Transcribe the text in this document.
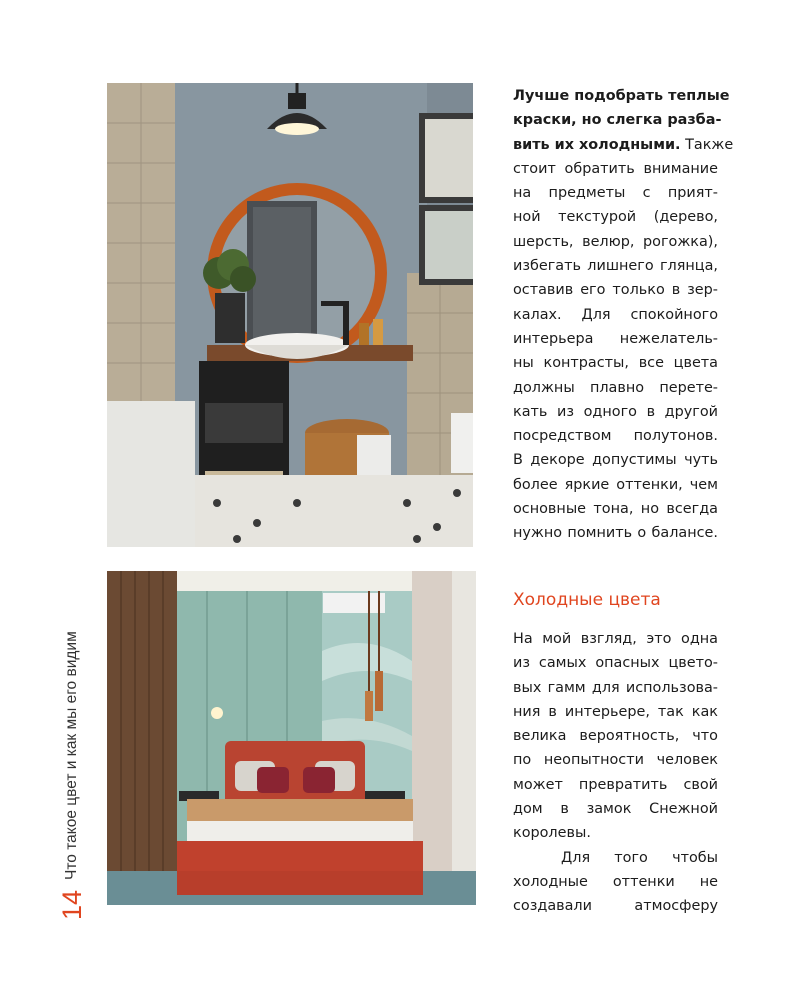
14
Что такое цвет и как мы его видим
Лучше подобрать теплые
краски, но слегка разба-
вить их холодными. Также
стоит обратить внимание
на предметы с прият-
ной текстурой (дерево,
шерсть, велюр, рогожка),
избегать лишнего глянца,
оставив его только в зер-
калах. Для спокойного
интерьера нежелатель-
ны контрасты, все цвета
должны плавно перете-
кать из одного в другой
посредством полутонов.
В декоре допустимы чуть
более яркие оттенки, чем
основные тона, но всегда
нужно помнить о балансе.
Холодные цвета
На мой взгляд, это одна
из самых опасных цвето-
вых гамм для использова-
ния в интерьере, так как
велика вероятность, что
по неопытности человек
может превратить свой
дом в замок Снежной
королевы.
Для того чтобы
холодные оттенки не
создавали атмосферу
